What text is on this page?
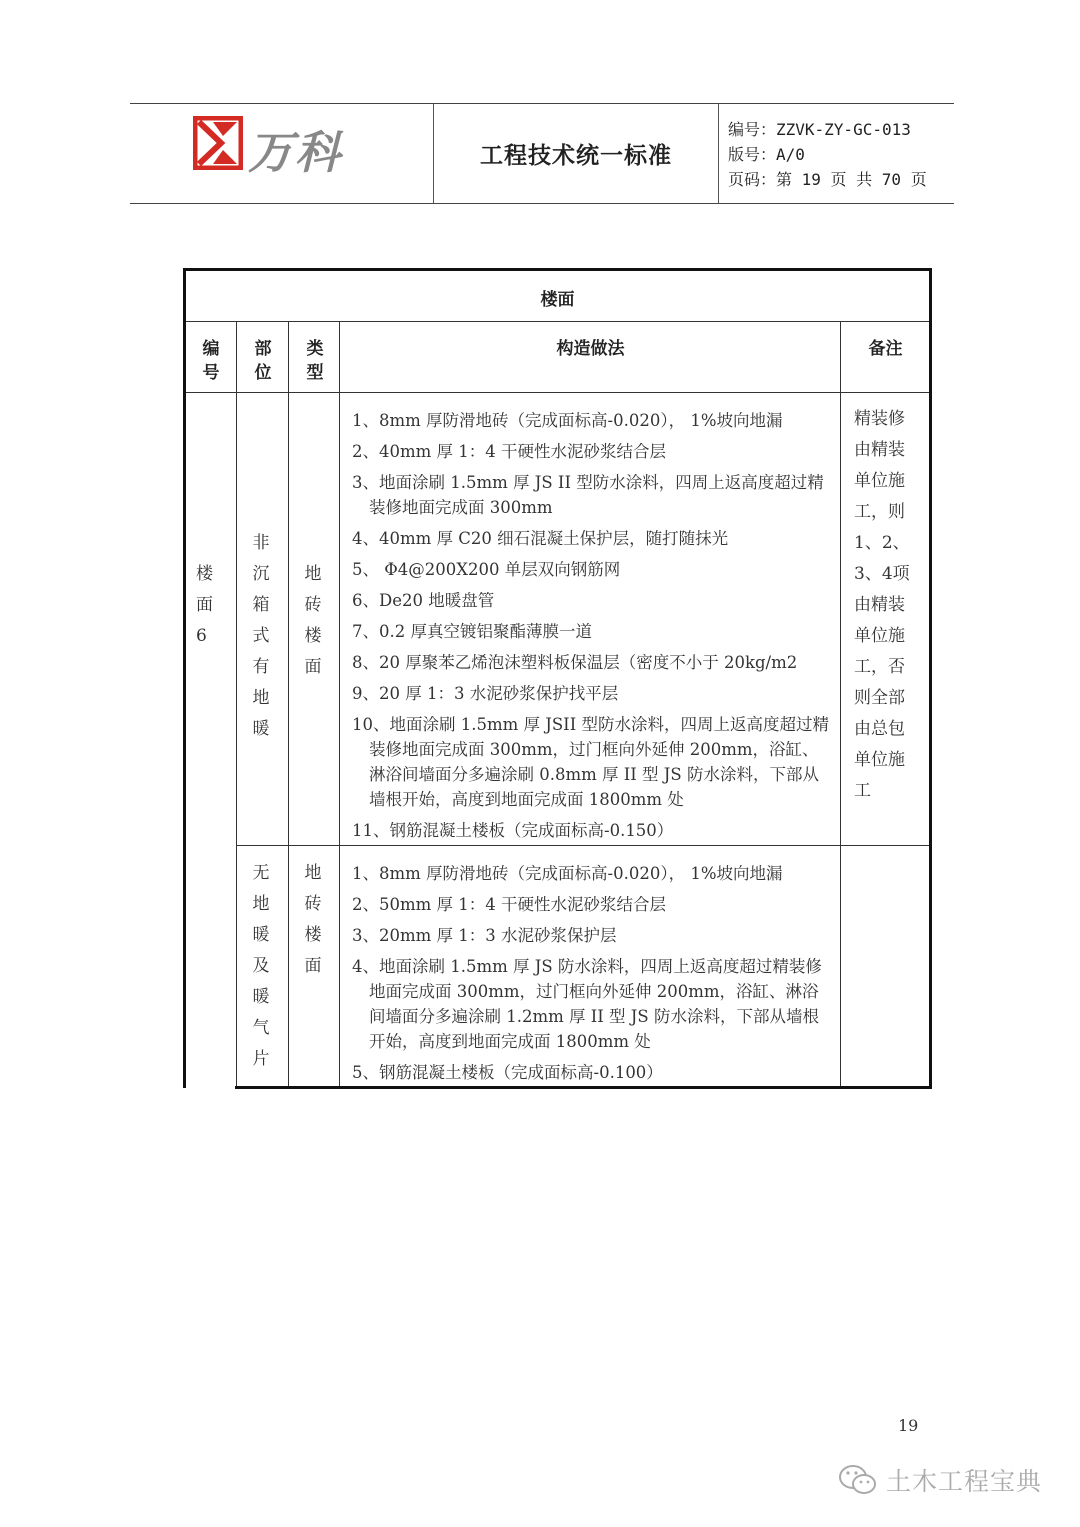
万科	工程技术统一标准
编号：ZZVK-ZY-GC-013
版号：A/0
页码：第 19 页 共 70 页
楼面
编号
部位
类型
构造做法	备注
楼面6
非沉箱式有地暖
地砖楼面
1、8mm 厚防滑地砖（完成面标高-0.020）， 1%坡向地漏
2、40mm 厚 1：4 干硬性水泥砂浆结合层
3、地面涂刷 1.5mm 厚 JS II 型防水涂料，四周上返高度超过精装修地面完成面 300mm
4、40mm 厚 C20 细石混凝土保护层，随打随抹光
5、 Φ4@200X200 单层双向钢筋网
6、De20 地暖盘管
7、0.2 厚真空镀铝聚酯薄膜一道
8、20 厚聚苯乙烯泡沫塑料板保温层（密度不小于 20kg/m2
9、20 厚 1：3 水泥砂浆保护找平层
10、地面涂刷 1.5mm 厚 JSII 型防水涂料，四周上返高度超过精装修地面完成面 300mm，过门框向外延伸 200mm，浴缸、淋浴间墙面分多遍涂刷 0.8mm 厚 II 型 JS 防水涂料，下部从墙根开始，高度到地面完成面 1800mm 处
11、钢筋混凝土楼板（完成面标高-0.150）
精装修由精装单位施工，则1、2、3、4项由精装单位施工，否则全部由总包单位施工
无地暖及暖气片
地砖楼面
1、8mm 厚防滑地砖（完成面标高-0.020）， 1%坡向地漏
2、50mm 厚 1：4 干硬性水泥砂浆结合层
3、20mm 厚 1：3 水泥砂浆保护层
4、地面涂刷 1.5mm 厚 JS 防水涂料，四周上返高度超过精装修地面完成面 300mm，过门框向外延伸 200mm，浴缸、淋浴间墙面分多遍涂刷 1.2mm 厚 II 型 JS 防水涂料，下部从墙根开始，高度到地面完成面 1800mm 处
5、钢筋混凝土楼板（完成面标高-0.100）
19
土木工程宝典
